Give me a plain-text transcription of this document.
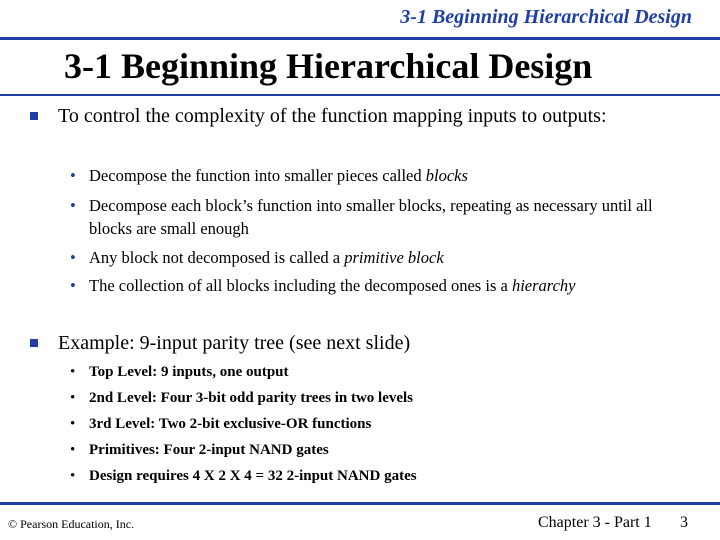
3-1 Beginning Hierarchical Design
3-1 Beginning Hierarchical Design
To control the complexity of the function mapping inputs to outputs:
• Decompose the function into smaller pieces called blocks
• Decompose each block’s function into smaller blocks, repeating as necessary until all blocks are small enough
• Any block not decomposed is called a primitive block
• The collection of all blocks including the decomposed ones is a hierarchy
Example: 9-input parity tree (see next slide)
• Top Level: 9 inputs, one output
• 2nd Level: Four 3-bit odd parity trees in two levels
• 3rd Level: Two 2-bit exclusive-OR functions
• Primitives: Four 2-input NAND gates
• Design requires 4 X 2 X 4 = 32 2-input NAND gates
© Pearson Education, Inc.	Chapter 3 - Part 1 3
